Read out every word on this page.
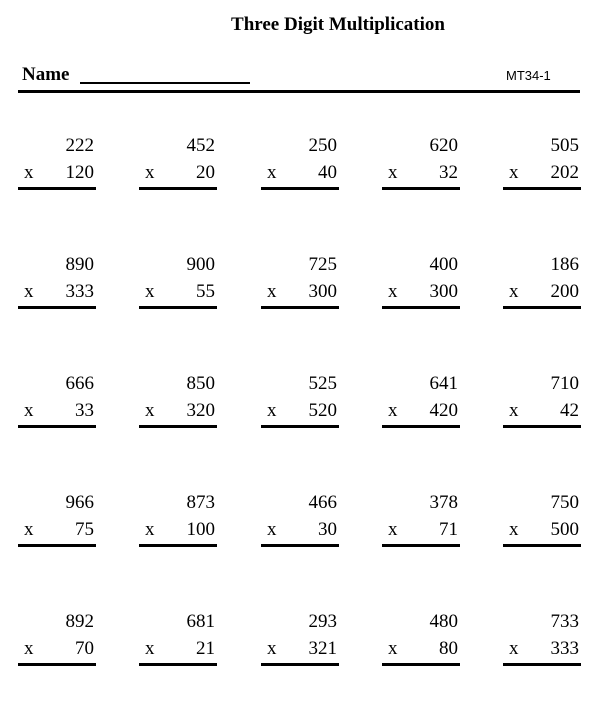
Three Digit Multiplication
Name	MT34-1
222
x 120
452
x 20
250
x 40
620
x 32
505
x 202
890
x 333
900
x 55
725
x 300
400
x 300
186
x 200
666
x 33
850
x 320
525
x 520
641
x 420
710
x 42
966
x 75
873
x 100
466
x 30
378
x 71
750
x 500
892
x 70
681
x 21
293
x 321
480
x 80
733
x 333
